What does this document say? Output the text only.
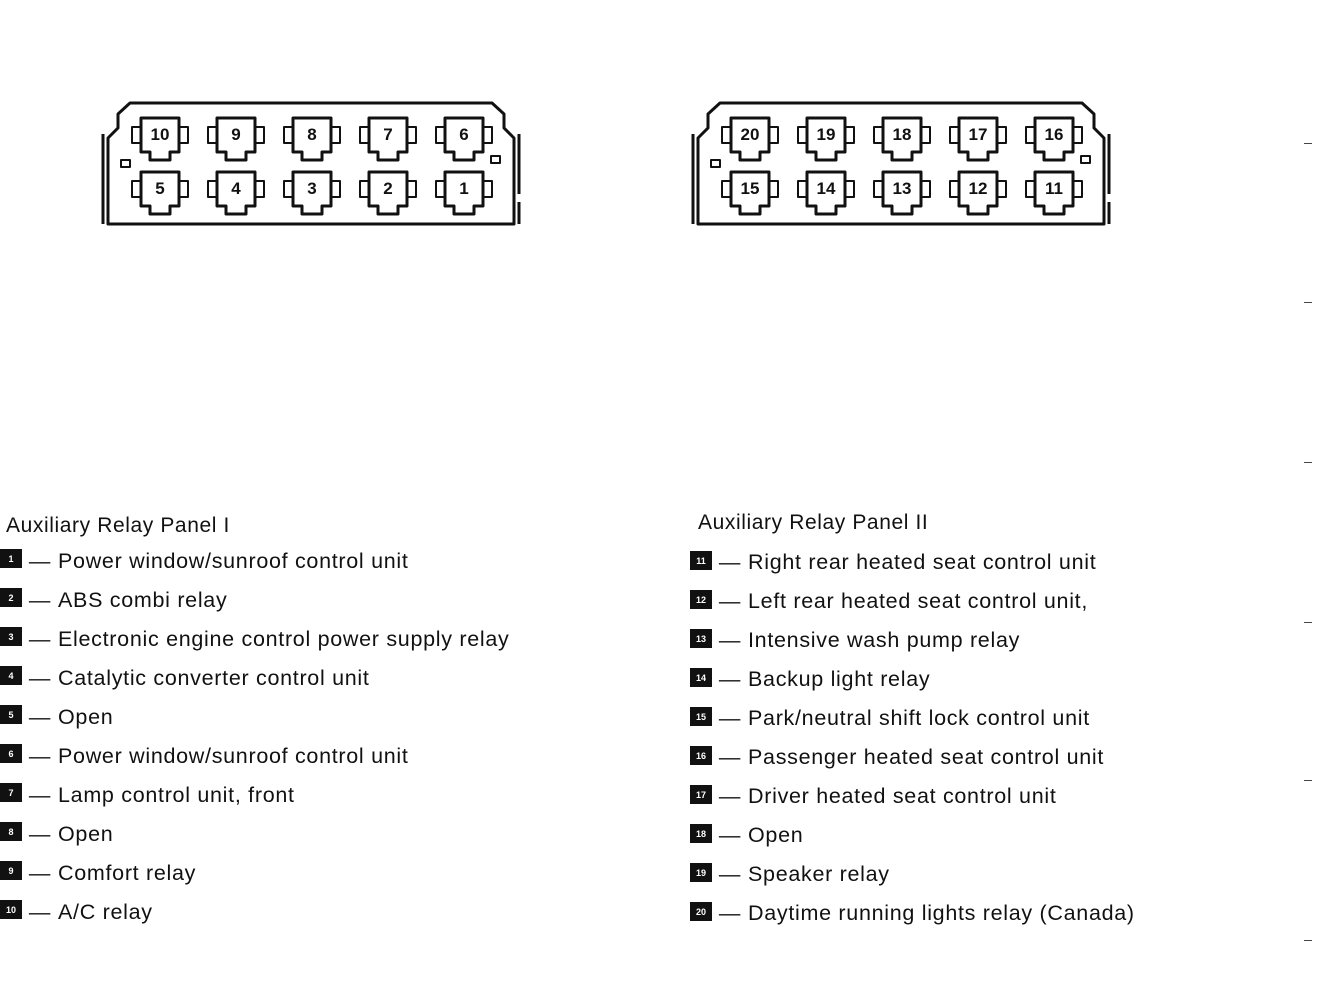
10	9	8	7	6
5	4	3	2	1
20	19	18	17	16
15	14	13	12	11
Auxiliary Relay Panel I
1 — Power window/sunroof control unit
2 — ABS combi relay
3 — Electronic engine control power supply relay
4 — Catalytic converter control unit
5 — Open
6 — Power window/sunroof control unit
7 — Lamp control unit, front
8 — Open
9 — Comfort relay
10 — A/C relay
Auxiliary Relay Panel II
11 — Right rear heated seat control unit
12 — Left rear heated seat control unit,
13 — Intensive wash pump relay
14 — Backup light relay
15 — Park/neutral shift lock control unit
16 — Passenger heated seat control unit
17 — Driver heated seat control unit
18 — Open
19 — Speaker relay
20 — Daytime running lights relay (Canada)
